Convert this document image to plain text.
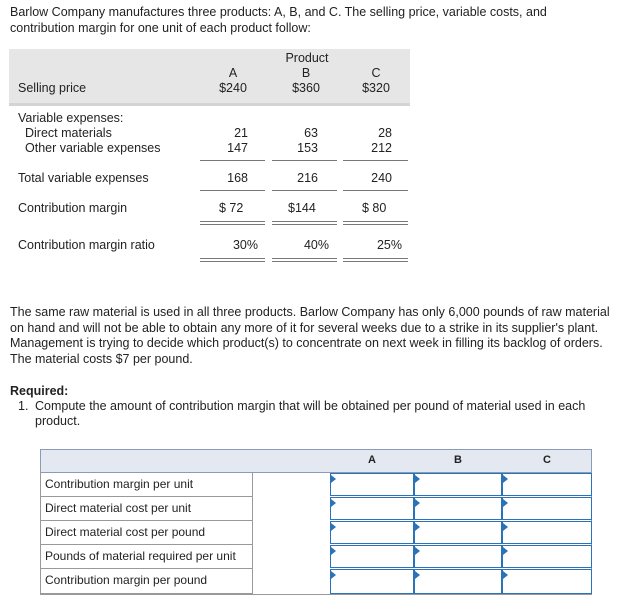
Barlow Company manufactures three products: A, B, and C. The selling price, variable costs, and contribution margin for one unit of each product follow:

Product
A	B	C
Selling price	$240	$360	$320
Variable expenses:
Direct materials	21	63	28
Other variable expenses	147	153	212
Total variable expenses	168	216	240
Contribution margin	$ 72	$144	$ 80
Contribution margin ratio	30%	40%	25%

The same raw material is used in all three products. Barlow Company has only 6,000 pounds of raw material on hand and will not be able to obtain any more of it for several weeks due to a strike in its supplier's plant. Management is trying to decide which product(s) to concentrate on next week in filling its backlog of orders. The material costs $7 per pound.

Required:

1. Compute the amount of contribution margin that will be obtained per pound of material used in each product.
A	B	C
Contribution margin per unit
Direct material cost per unit
Direct material cost per pound
Pounds of material required per unit
Contribution margin per pound
